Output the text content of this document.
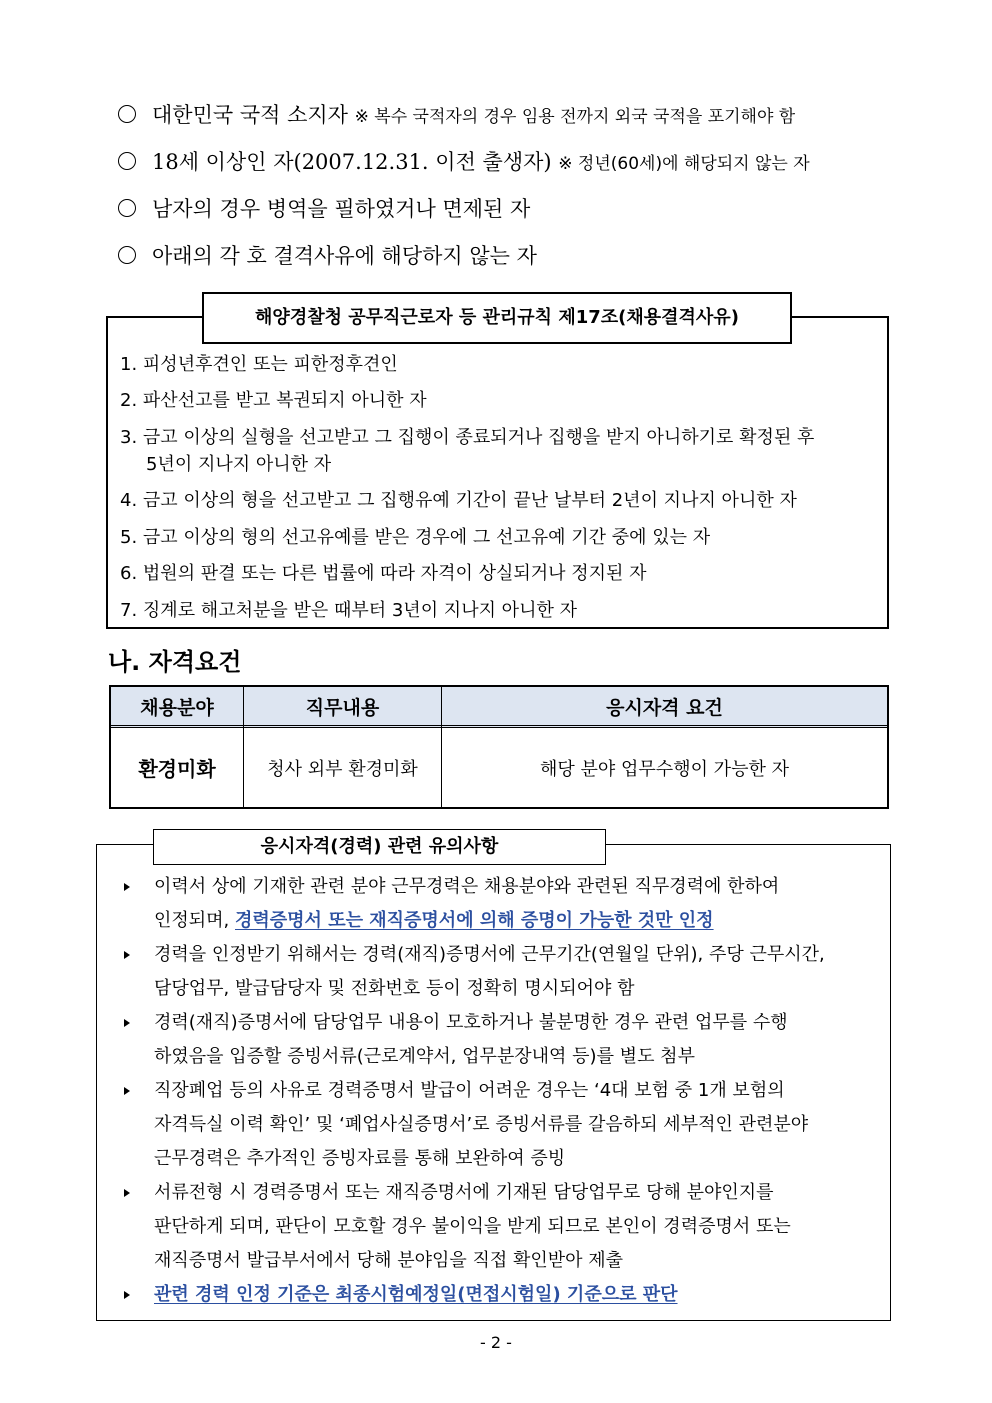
대한민국 국적 소지자 ※ 복수 국적자의 경우 임용 전까지 외국 국적을 포기해야 함
18세 이상인 자(2007.12.31. 이전 출생자) ※ 정년(60세)에 해당되지 않는 자
남자의 경우 병역을 필하였거나 면제된 자
아래의 각 호 결격사유에 해당하지 않는 자
해양경찰청 공무직근로자 등 관리규칙 제17조(채용결격사유)
1. 피성년후견인 또는 피한정후견인
2. 파산선고를 받고 복권되지 아니한 자
3. 금고 이상의 실형을 선고받고 그 집행이 종료되거나 집행을 받지 아니하기로 확정된 후
5년이 지나지 아니한 자
4. 금고 이상의 형을 선고받고 그 집행유예 기간이 끝난 날부터 2년이 지나지 아니한 자
5. 금고 이상의 형의 선고유예를 받은 경우에 그 선고유예 기간 중에 있는 자
6. 법원의 판결 또는 다른 법률에 따라 자격이 상실되거나 정지된 자
7. 징계로 해고처분을 받은 때부터 3년이 지나지 아니한 자
나. 자격요건
채용분야	직무내용	응시자격 요건
환경미화	청사 외부 환경미화	해당 분야 업무수행이 가능한 자
응시자격(경력) 관련 유의사항
이력서 상에 기재한 관련 분야 근무경력은 채용분야와 관련된 직무경력에 한하여
인정되며, 경력증명서 또는 재직증명서에 의해 증명이 가능한 것만 인정
경력을 인정받기 위해서는 경력(재직)증명서에 근무기간(연월일 단위), 주당 근무시간,
담당업무, 발급담당자 및 전화번호 등이 정확히 명시되어야 함
경력(재직)증명서에 담당업무 내용이 모호하거나 불분명한 경우 관련 업무를 수행
하였음을 입증할 증빙서류(근로계약서, 업무분장내역 등)를 별도 첨부
직장폐업 등의 사유로 경력증명서 발급이 어려운 경우는 ‘4대 보험 중 1개 보험의
자격득실 이력 확인’ 및 ‘폐업사실증명서’로 증빙서류를 갈음하되 세부적인 관련분야
근무경력은 추가적인 증빙자료를 통해 보완하여 증빙
서류전형 시 경력증명서 또는 재직증명서에 기재된 담당업무로 당해 분야인지를
판단하게 되며, 판단이 모호할 경우 불이익을 받게 되므로 본인이 경력증명서 또는
재직증명서 발급부서에서 당해 분야임을 직접 확인받아 제출
관련 경력 인정 기준은 최종시험예정일(면접시험일) 기준으로 판단
- 2 -
